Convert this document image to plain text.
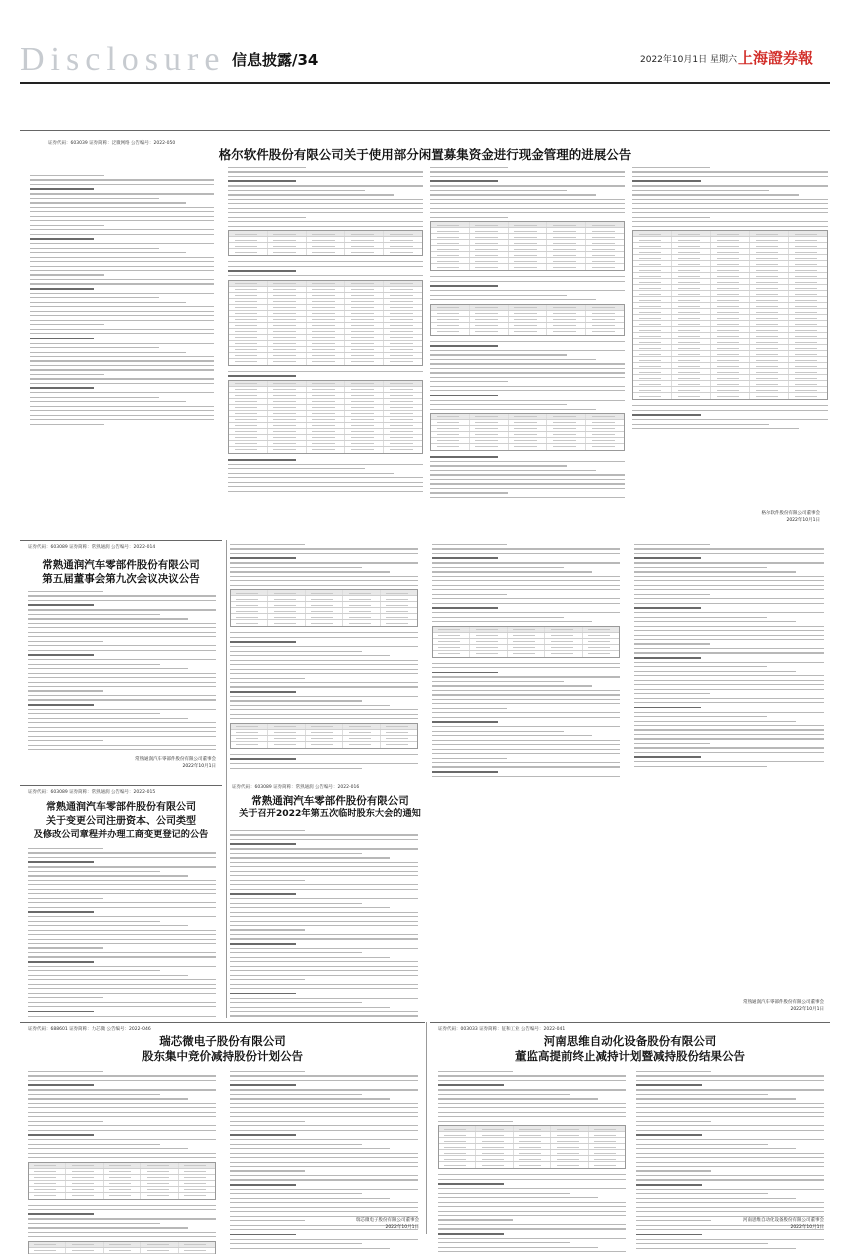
Disclosure 信息披露/34	2022年10月1日 星期六 上海證券報
证券代码：603039 证券简称：泛微网络 公告编号：2022-050
格尔软件股份有限公司关于使用部分闲置募集资金进行现金管理的进展公告
格尔软件股份有限公司董事会
2022年10月1日
证券代码：603089 证券简称：常熟通润 公告编号：2022-014
常熟通润汽车零部件股份有限公司
第五届董事会第九次会议决议公告
常熟通润汽车零部件股份有限公司董事会
2022年10月1日
证券代码：603089 证券简称：常熟通润 公告编号：2022-015
常熟通润汽车零部件股份有限公司
关于变更公司注册资本、公司类型
及修改公司章程并办理工商变更登记的公告
证券代码：603089 证券简称：常熟通润 公告编号：2022-016
常熟通润汽车零部件股份有限公司
关于召开2022年第五次临时股东大会的通知
常熟通润汽车零部件股份有限公司董事会
2022年10月1日
证券代码：688601 证券简称：力芯微 公告编号：2022-046
瑞芯微电子股份有限公司
股东集中竞价减持股份计划公告
瑞芯微电子股份有限公司董事会
2022年10月1日
证券代码：003033 证券简称：征和工业 公告编号：2022-041
河南思维自动化设备股份有限公司
董监高提前终止减持计划暨减持股份结果公告
河南思维自动化设备股份有限公司董事会
2022年10月1日
